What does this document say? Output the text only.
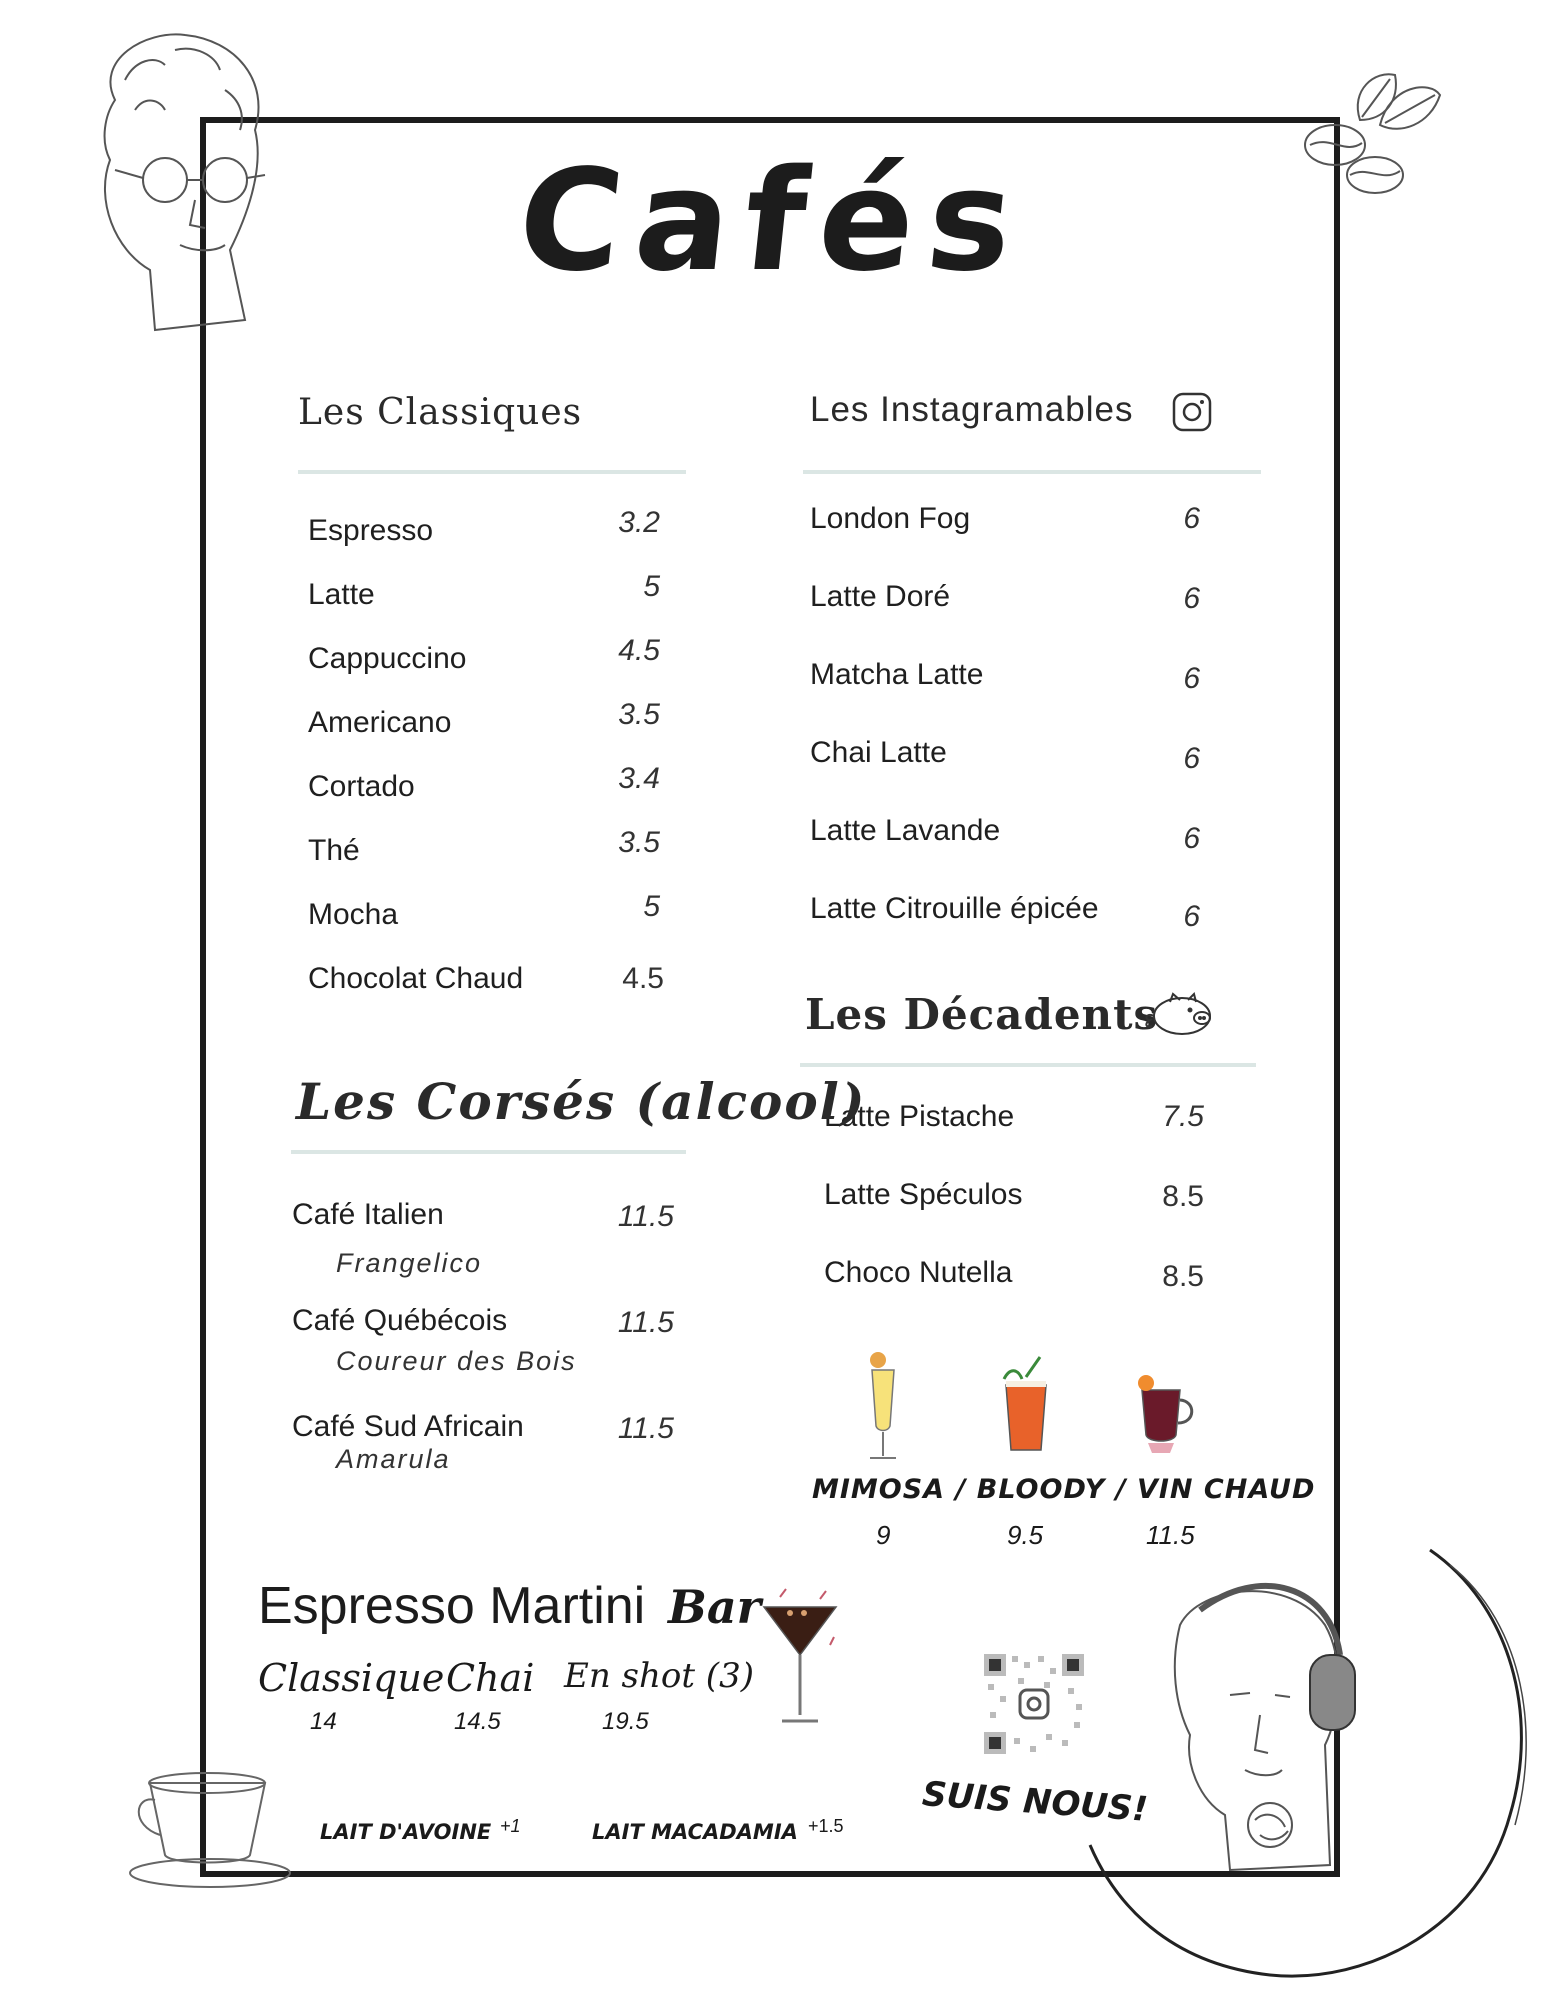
Cafés
Les Classiques
Espresso	3.2
Latte	5
Cappuccino	4.5
Americano	3.5
Cortado	3.4
Thé	3.5
Mocha	5
Chocolat Chaud	4.5
Les Instagramables
London Fog	6
Latte Doré	6
Matcha Latte	6
Chai Latte	6
Latte Lavande	6
Latte Citrouille épicée	6
Les Décadents
Latte Pistache	7.5
Latte Spéculos	8.5
Choco Nutella	8.5
Les Corsés (alcool)
Café Italien	11.5
Frangelico
Café Québécois	11.5
Coureur des Bois
Café Sud Africain	11.5
Amarula
MIMOSA / BLOODY / VIN CHAUD
9	9.5	11.5
Espresso Martini Bar
Classique
14
Chai
14.5
En shot (3)
19.5
SUIS NOUS!
LAIT D'AVOINE +1	LAIT MACADAMIA +1.5
